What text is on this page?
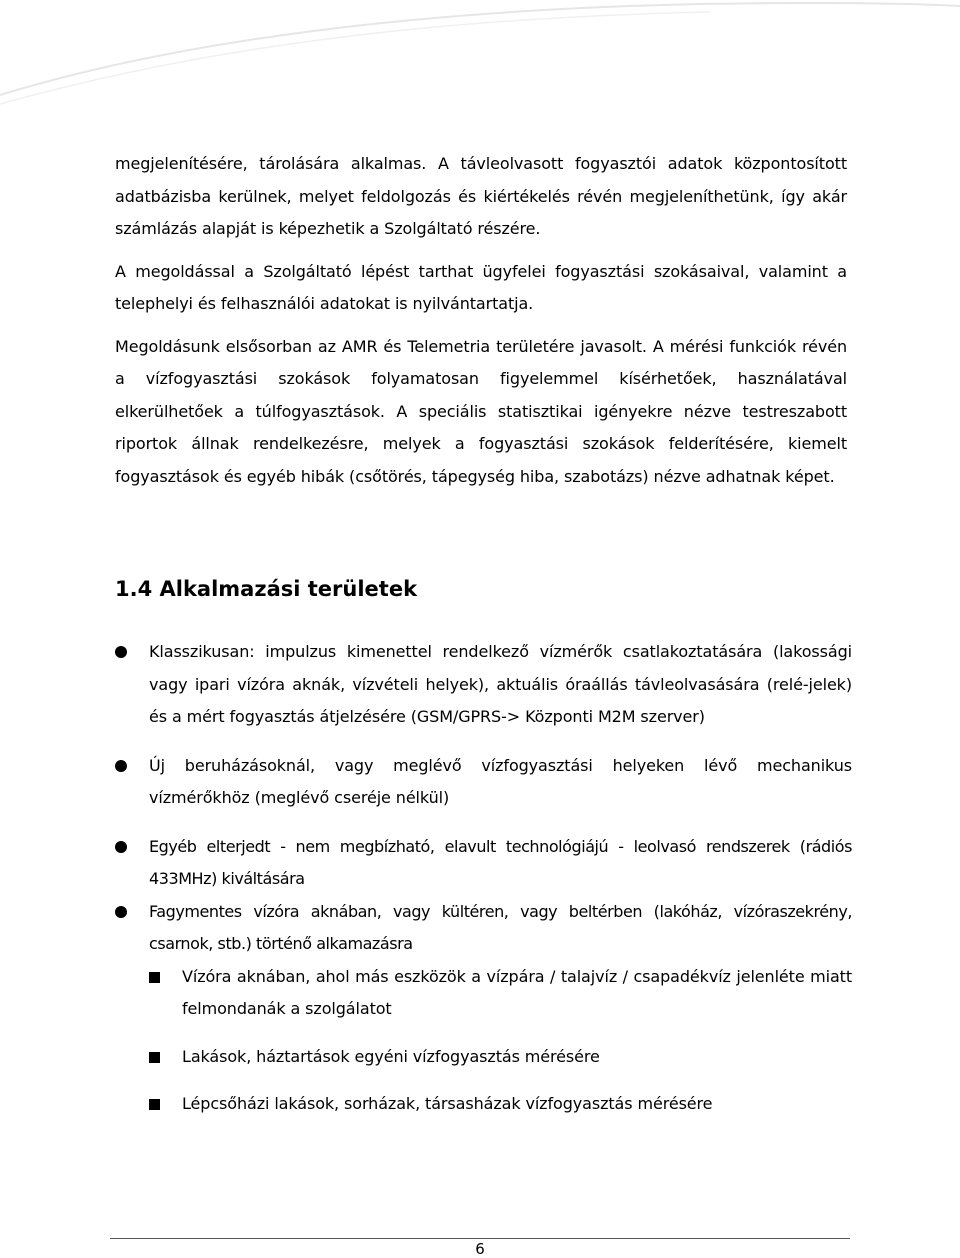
megjelenítésére, tárolására alkalmas. A távleolvasott fogyasztói adatok központosított adatbázisba kerülnek, melyet feldolgozás és kiértékelés révén megjeleníthetünk, így akár számlázás alapját is képezhetik a Szolgáltató részére.

A megoldással a Szolgáltató lépést tarthat ügyfelei fogyasztási szokásaival, valamint a telephelyi és felhasználói adatokat is nyilvántartatja.

Megoldásunk elsősorban az AMR és Telemetria területére javasolt. A mérési funkciók révén a vízfogyasztási szokások folyamatosan figyelemmel kísérhetőek, használatával elkerülhetőek a túlfogyasztások. A speciális statisztikai igényekre nézve testreszabott riportok állnak rendelkezésre, melyek a fogyasztási szokások felderítésére, kiemelt fogyasztások és egyéb hibák (csőtörés, tápegység hiba, szabotázs) nézve adhatnak képet.

1.4 Alkalmazási területek
Klasszikusan: impulzus kimenettel rendelkező vízmérők csatlakoztatására (lakossági vagy ipari vízóra aknák, vízvételi helyek), aktuális óraállás távleolvasására (relé-jelek) és a mért fogyasztás átjelzésére (GSM/GPRS-> Központi M2M szerver)
Új beruházásoknál, vagy meglévő vízfogyasztási helyeken lévő mechanikus vízmérőkhöz (meglévő cseréje nélkül)
Egyéb elterjedt - nem megbízható, elavult technológiájú - leolvasó rendszerek (rádiós 433MHz) kiváltására
Fagymentes vízóra aknában, vagy kültéren, vagy beltérben (lakóház, vízóraszekrény, csarnok, stb.) történő alkamazásra
Vízóra aknában, ahol más eszközök a vízpára / talajvíz / csapadékvíz jelenléte miatt felmondanák a szolgálatot
Lakások, háztartások egyéni vízfogyasztás mérésére
Lépcsőházi lakások, sorházak, társasházak vízfogyasztás mérésére
6
